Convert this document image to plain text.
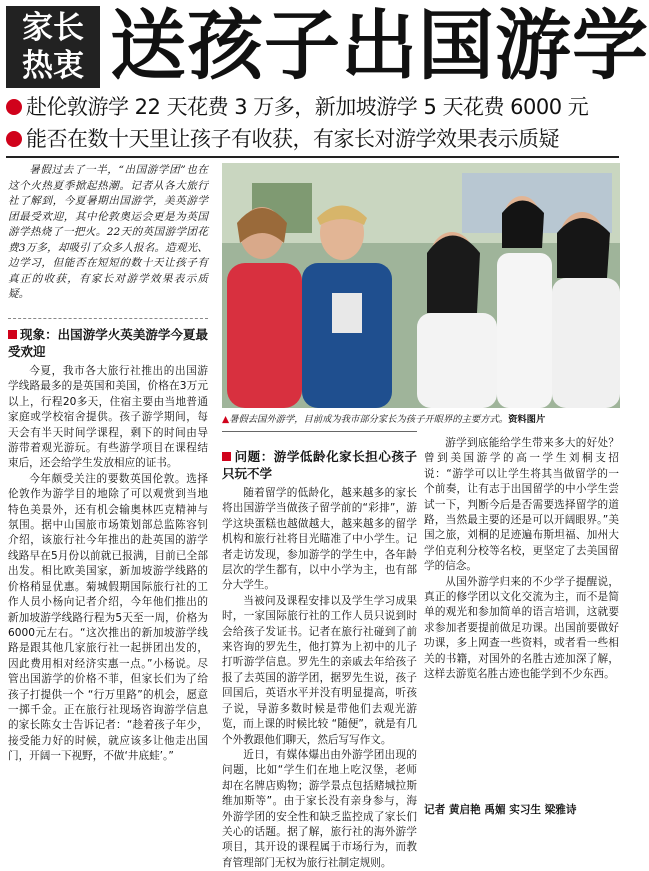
家长
热衷 送孩子出国游学
赴伦敦游学 22 天花费 3 万多，新加坡游学 5 天花费 6000 元
能否在数十天里让孩子有收获，有家长对游学效果表示质疑
暑假过去了一半，“出国游学团”也在这个火热夏季掀起热潮。记者从各大旅行社了解到，今夏暑期出国游学，美英游学团最受欢迎，其中伦敦奥运会更是为英国游学热烧了一把火。22天的英国游学团花费3万多，却吸引了众多人报名。造观光、边学习，但能否在短短的数十天让孩子有真正的收获，有家长对游学效果表示质疑。
现象：出国游学火英美游学今夏最受欢迎

今夏，我市各大旅行社推出的出国游学线路最多的是英国和美国，价格在3万元以上，行程20多天，住宿主要由当地普通家庭或学校宿舍提供。孩子游学期间，每天会有半天时间学课程，剩下的时间由导游带着观光游玩。有些游学项目在课程结束后，还会给学生发放相应的证书。

今年颇受关注的要数英国伦敦。选择伦敦作为游学目的地除了可以观赏到当地特色美景外，还有机会输奥林匹克精神与氛围。据中山国旅市场策划部总监陈容钊介绍，该旅行社今年推出的赴英国的游学线路早在5月份以前就已报满，目前已全部出发。相比欧美国家，新加坡游学线路的价格稍显优惠。菊城假期国际旅行社的工作人员小杨向记者介绍，今年他们推出的新加坡游学线路行程为5天至一周，价格为6000元左右。“这次推出的新加坡游学线路是跟其他几家旅行社一起拼团出发的，因此费用相对经济实惠一点。”小杨说。尽管出国游学的价格不菲，但家长们为了给孩子打提供一个 “行万里路”的机会，愿意一掷千金。正在旅行社现场咨询游学信息的家长陈女士告诉记者：“趁着孩子年少，接受能力好的时候，就应该多让他走出国门，开阔一下视野，不做‘井底蛙’。”

▲暑假去国外游学，目前成为我市部分家长为孩子开眼界的主要方式。资料图片
问题：游学低龄化家长担心孩子只玩不学

随着留学的低龄化，越来越多的家长将出国游学当做孩子留学前的“彩排”，游学这块蛋糕也越做越大，越来越多的留学机构和旅行社将目光瞄准了中小学生。记者走访发现，参加游学的学生中，各年龄层次的学生都有，以中小学为主，也有部分大学生。

当被问及课程安排以及学生学习成果时，一家国际旅行社的工作人员只说到时会给孩子发证书。记者在旅行社碰到了前来咨询的罗先生，他打算为上初中的儿子打听游学信息。罗先生的亲戚去年给孩子报了去英国的游学团，据罗先生说，孩子回国后，英语水平并没有明显提高，听孩子说，导游多数时候是带他们去观光游览，而上课的时候比较 “随便”，就是有几个外教跟他们聊天，然后写写作文。

近日，有媒体爆出由外游学团出现的问题，比如“学生们在地上吃汉堡，老师却在名牌店购物；游学景点包括赌城拉斯维加斯等”。由于家长没有亲身参与，海外游学团的安全性和缺乏监控成了家长们关心的话题。据了解，旅行社的海外游学项目，其开设的课程属于市场行为，而教育管理部门无权为旅行社制定规则。

游学到底能给学生带来多大的好处？曾到美国游学的高一学生刘桐支招说：“游学可以让学生将其当做留学的一个前奏，让有志于出国留学的中小学生尝试一下，判断今后是否需要选择留学的道路，当然最主要的还是可以开阔眼界。”美国之旅，刘桐的足迹遍布斯坦福、加州大学伯克利分校等名校，更坚定了去美国留学的信念。

从国外游学归来的不少学子提醒说，真正的修学团以文化交流为主，而不是简单的观光和参加简单的语言培训，这就要求参加者要提前做足功课。出国前要做好功课，多上网查一些资料，或者看一些相关的书籍，对国外的名胜古迹加深了解，这样去游览名胜古迹也能学到不少东西。

记者 黄启艳 禹媚 实习生 梁雅诗
